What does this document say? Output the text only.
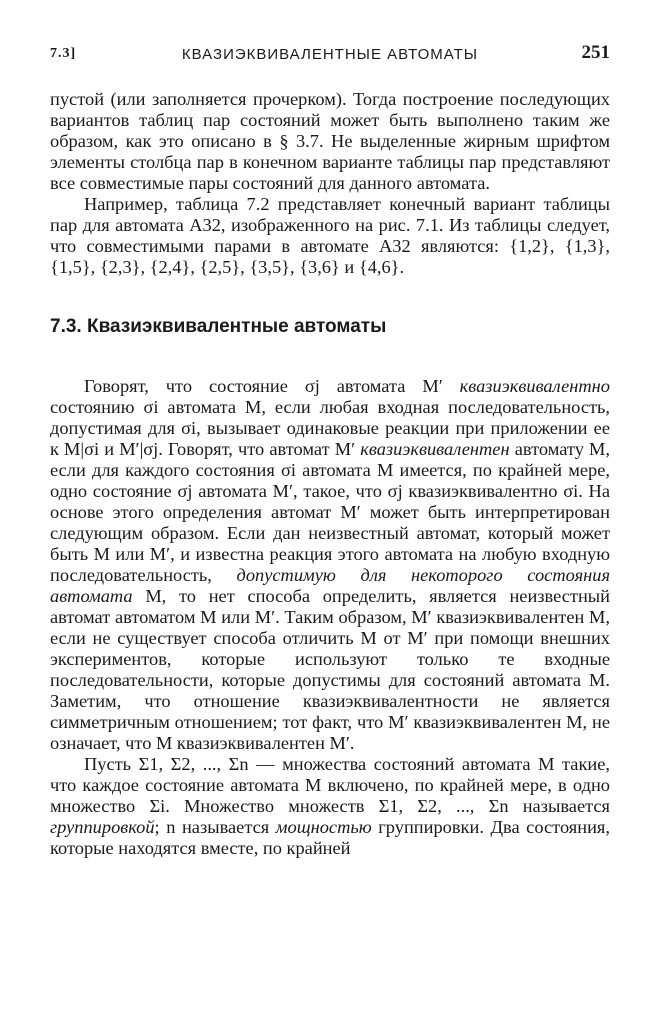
7.3]	КВАЗИЭКВИВАЛЕНТНЫЕ АВТОМАТЫ	251

пустой (или заполняется прочерком). Тогда построение последующих вариантов таблиц пар состояний может быть выполнено таким же образом, как это описано в § 3.7. Не выделенные жирным шрифтом элементы столбца пар в конечном варианте таблицы пар представляют все совместимые пары состояний для данного автомата.

Например, таблица 7.2 представляет конечный вариант таблицы пар для автомата А32, изображенного на рис. 7.1. Из таблицы следует, что совместимыми парами в автомате А32 являются: {1,2}, {1,3}, {1,5}, {2,3}, {2,4}, {2,5}, {3,5}, {3,6} и {4,6}.

7.3. Квазиэквивалентные автоматы

Говорят, что состояние σj автомата M′ квазиэквивалентно состоянию σi автомата M, если любая входная последовательность, допустимая для σi, вызывает одинаковые реакции при приложении ее к M|σi и M′|σj. Говорят, что автомат M′ квазиэквивалентен автомату M, если для каждого состояния σi автомата M имеется, по крайней мере, одно состояние σj автомата M′, такое, что σj квазиэквивалентно σi. На основе этого определения автомат M′ может быть интерпретирован следующим образом. Если дан неизвестный автомат, который может быть M или M′, и известна реакция этого автомата на любую входную последовательность, допустимую для некоторого состояния автомата M, то нет способа определить, является неизвестный автомат автоматом M или M′. Таким образом, M′ квазиэквивалентен M, если не существует способа отличить M от M′ при помощи внешних экспериментов, которые используют только те входные последовательности, которые допустимы для состояний автомата M. Заметим, что отношение квазиэквивалентности не является симметричным отношением; тот факт, что M′ квазиэквивалентен M, не означает, что M квазиэквивалентен M′.

Пусть Σ1, Σ2, ..., Σn — множества состояний автомата M такие, что каждое состояние автомата M включено, по крайней мере, в одно множество Σi. Множество множеств Σ1, Σ2, ..., Σn называется группировкой; n называется мощностью группировки. Два состояния, которые находятся вместе, по крайней
